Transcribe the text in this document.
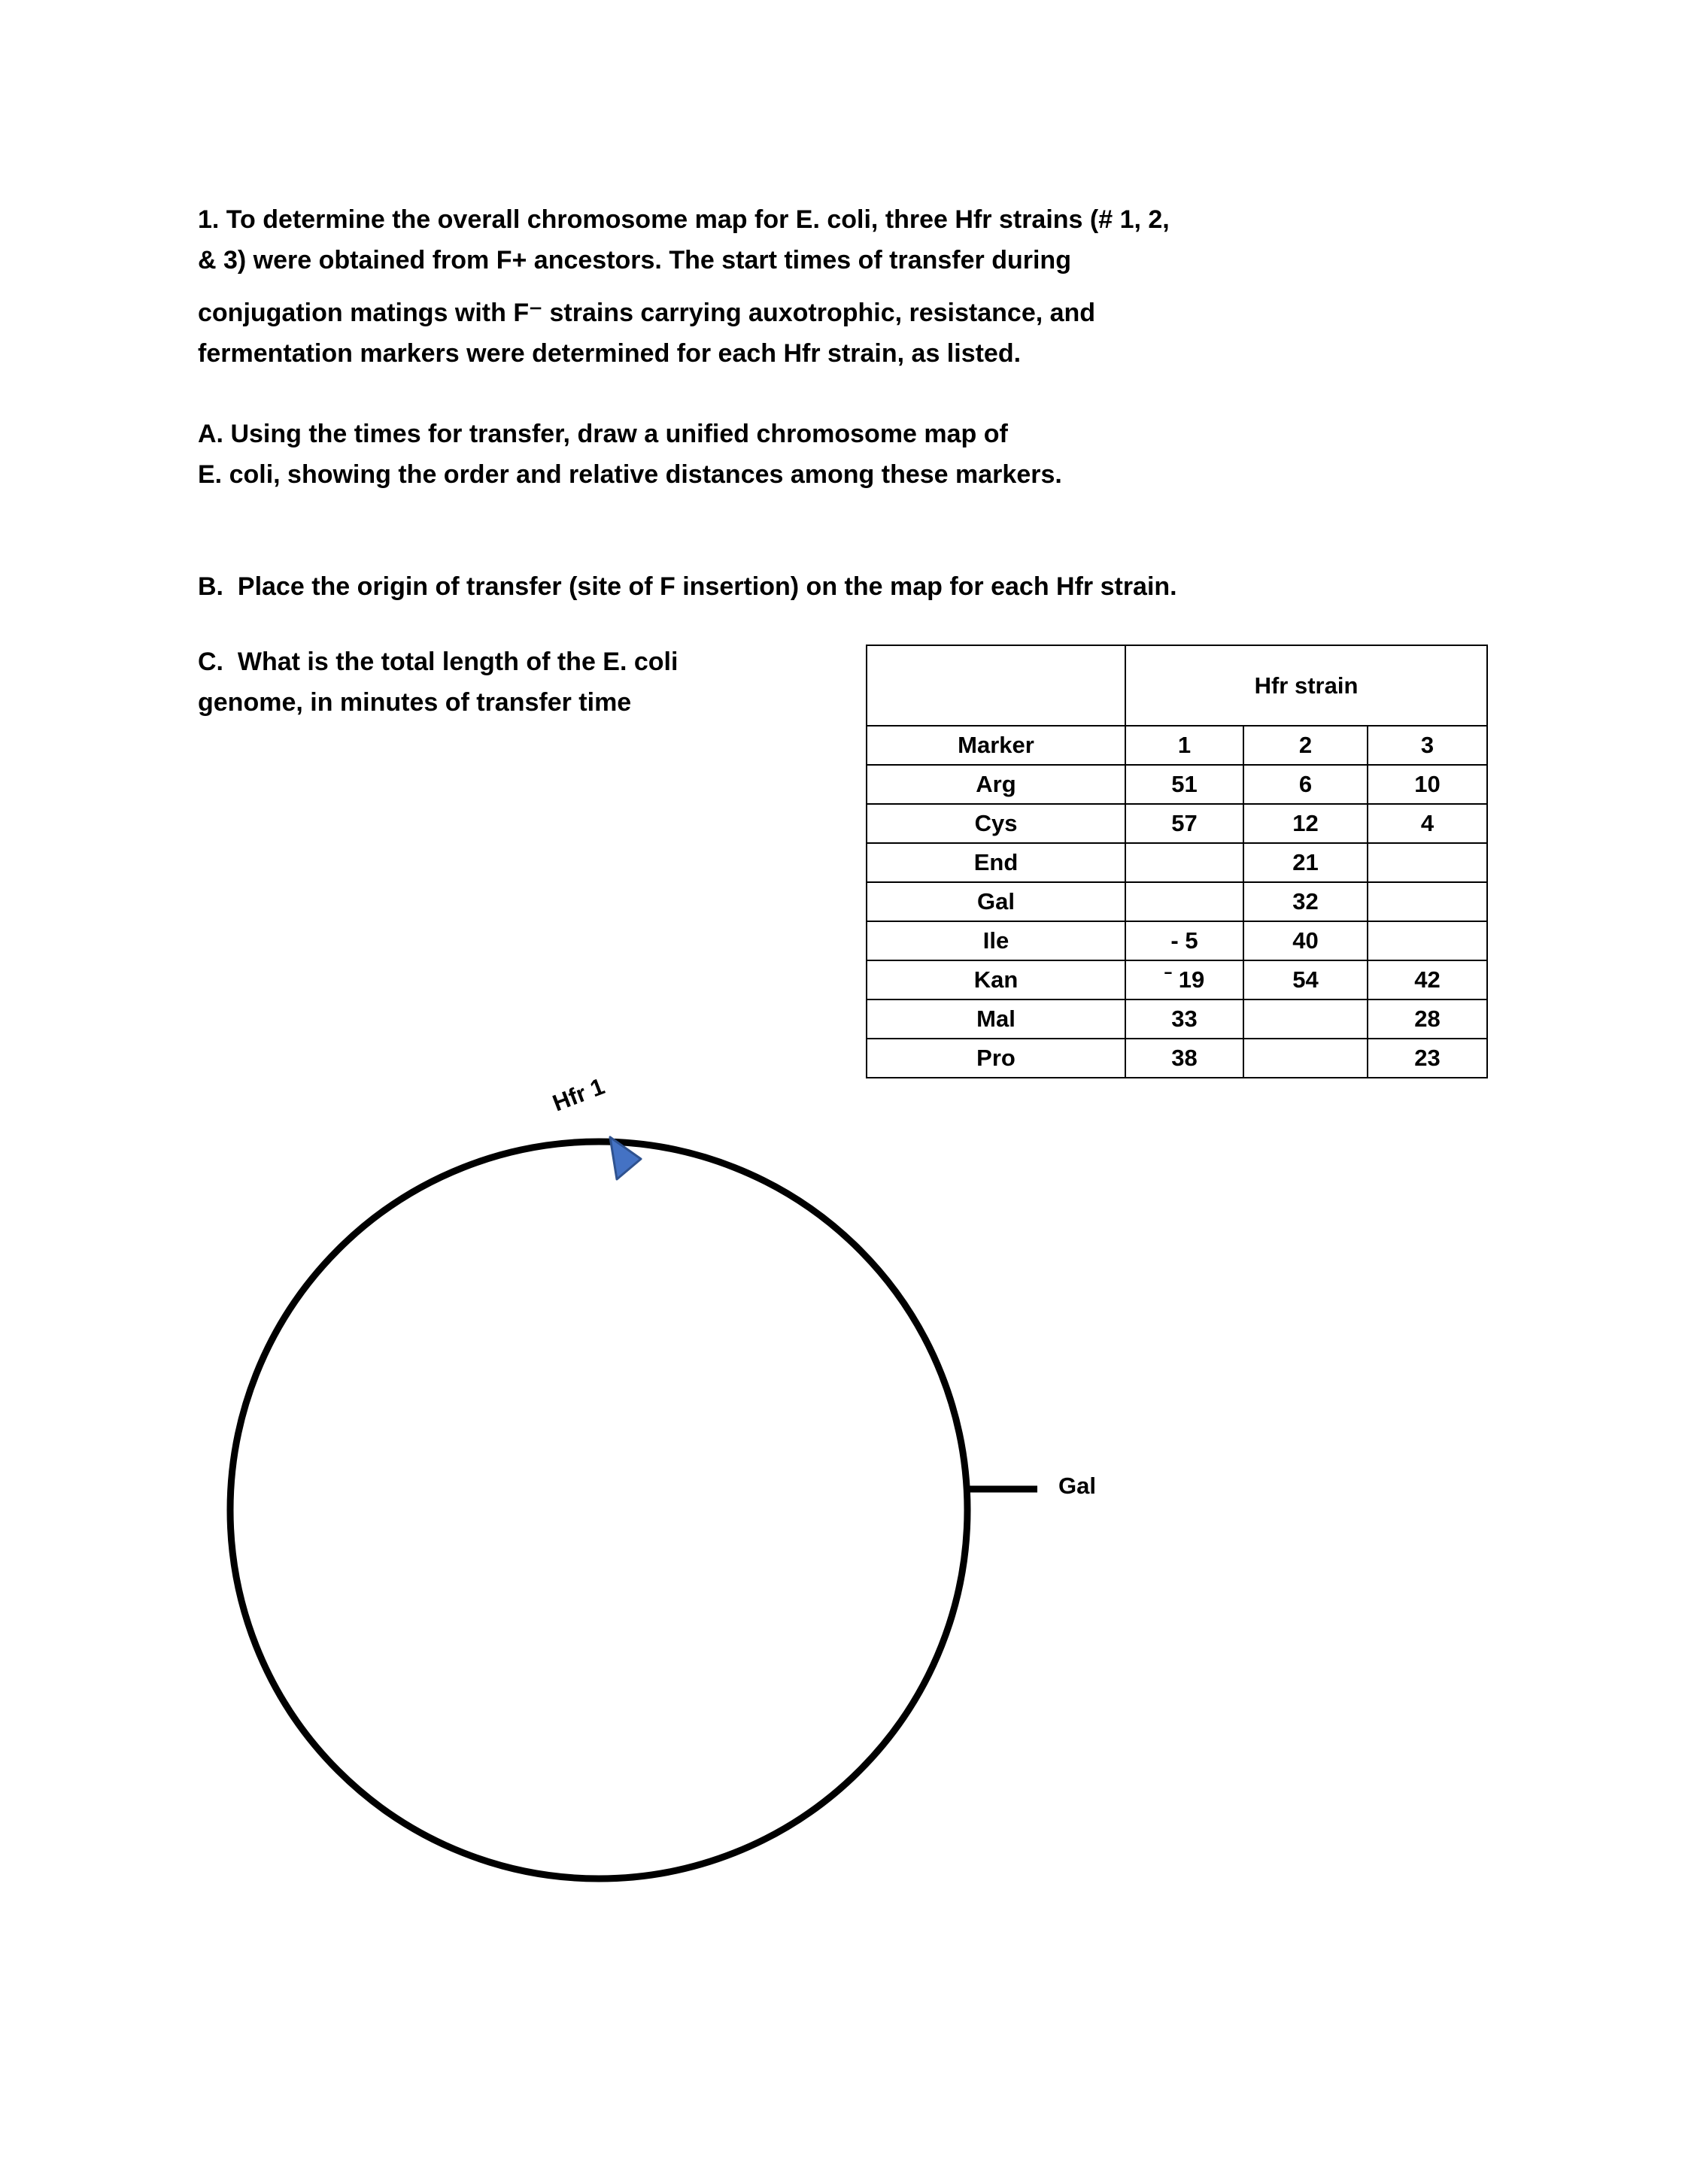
1. To determine the overall chromosome map for E. coli, three Hfr strains (# 1, 2,
& 3) were obtained from F+ ancestors. The start times of transfer during
conjugation matings with F⁻ strains carrying auxotrophic, resistance, and
fermentation markers were determined for each Hfr strain, as listed.
A. Using the times for transfer, draw a unified chromosome map of
E. coli, showing the order and relative distances among these markers.
B.  Place the origin of transfer (site of F insertion) on the map for each Hfr strain.
C.  What is the total length of the E. coli
genome, in minutes of transfer time
	Hfr strain		
Marker	1	2	3
Arg	51	6	10
Cys	57	12	4
End		21	
Gal		32	
Ile	- 5	40	
Kan	ˉ 19	54	42
Mal	33		28
Pro	38		23
Hfr 1
Gal
